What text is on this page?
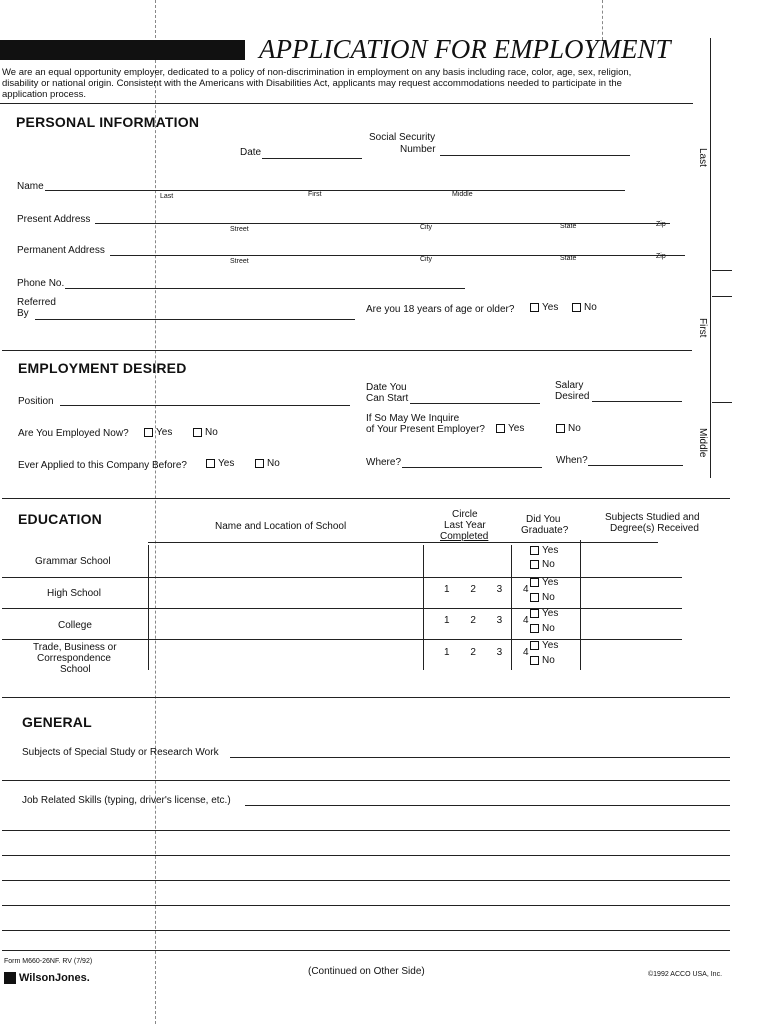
APPLICATION FOR EMPLOYMENT
We are an equal opportunity employer, dedicated to a policy of non-discrimination in employment on any basis including race, color, age, sex, religion, disability or national origin. Consistent with the Americans with Disabilities Act, applicants may request accommodations needed to participate in the application process.
Last
First
Middle
PERSONAL INFORMATION
Social Security
Number
Date
Name
Last	First	Middle
Present Address
Street	City	State	Zip
Permanent Address
Street	City	State	Zip
Phone No.
Referred
By	Are you 18 years of age or older?	Yes	No
EMPLOYMENT DESIRED
Date You
Can Start
Salary
Desired
Position
Are You Employed Now?	Yes	No
If So May We Inquire
of Your Present Employer?	Yes	No
Ever Applied to this Company Before?	Yes	No	Where?	When?
EDUCATION	Name and Location of School
Circle
Last Year
Completed
Did You
Graduate?
Subjects Studied and
Degree(s) Received
Grammar School
Yes
No
High School	1 2 3 4
Yes
No
College	1 2 3 4
Yes
No
Trade, Business or
Correspondence
School
1 2 3 4
Yes
No
GENERAL
Subjects of Special Study or Research Work
Job Related Skills (typing, driver's license, etc.)
Form M660-26NF. RV (7/92)
WilsonJones.
(Continued on Other Side)	©1992 ACCO USA, Inc.
